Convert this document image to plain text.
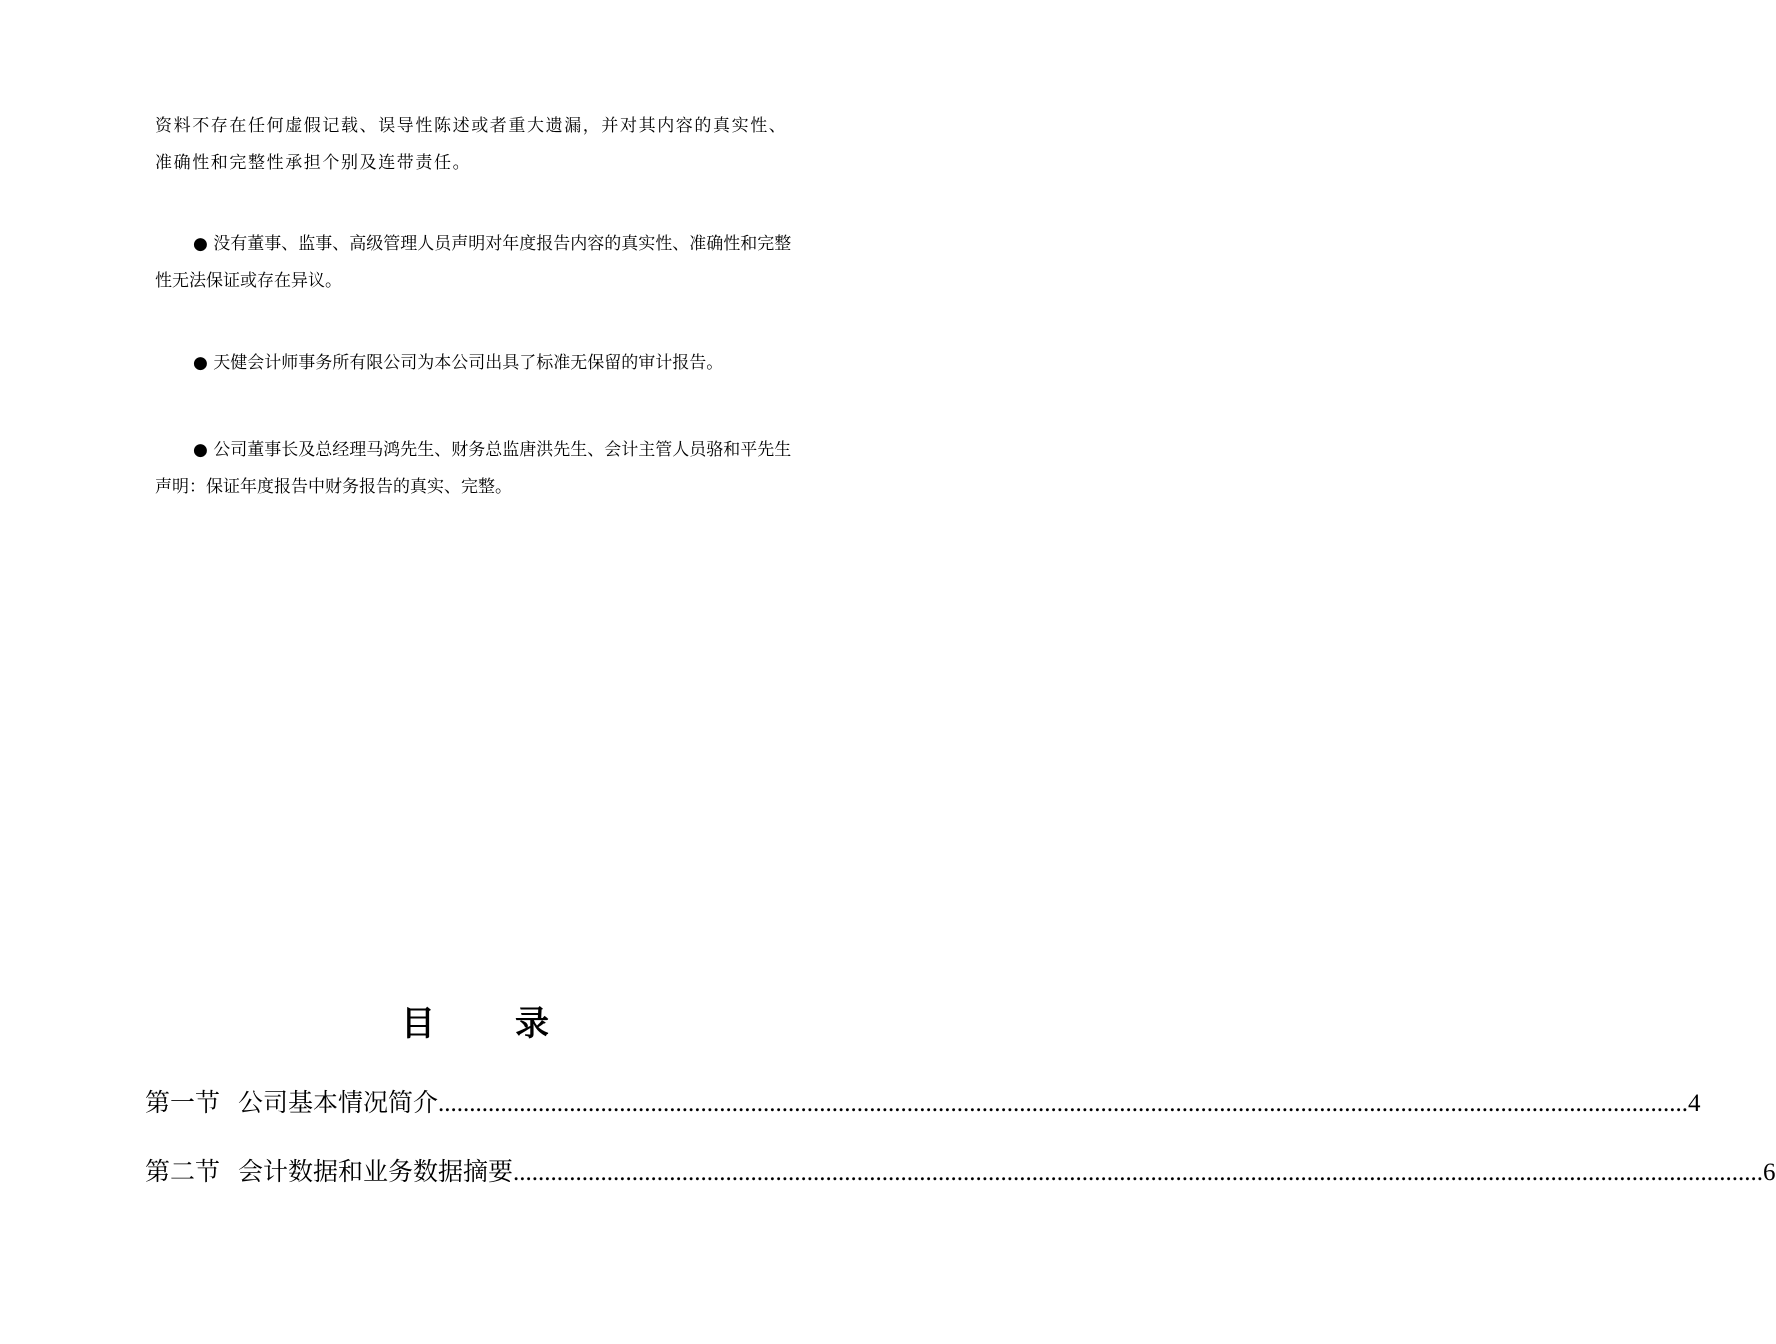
资料不存在任何虚假记载、误导性陈述或者重大遗漏，并对其内容的真实性、准确性和完整性承担个别及连带责任。

● 没有董事、监事、高级管理人员声明对年度报告内容的真实性、准确性和完整性无法保证或存在异议。

● 天健会计师事务所有限公司为本公司出具了标准无保留的审计报告。

● 公司董事长及总经理马鸿先生、财务总监唐洪先生、会计主管人员骆和平先生声明：保证年度报告中财务报告的真实、完整。

目 录
第一节 公司基本情况简介 ........................................................................................................................................................................................................ 4
第二节 会计数据和业务数据摘要 ........................................................................................................................................................................................................ 6
